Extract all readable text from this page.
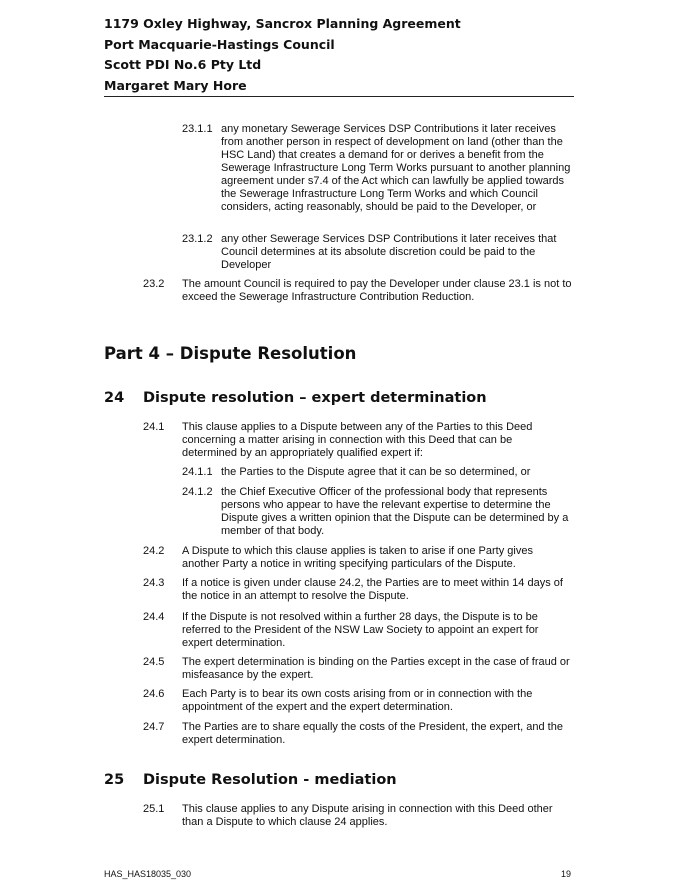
1179 Oxley Highway, Sancrox Planning Agreement
Port Macquarie-Hastings Council
Scott PDI No.6 Pty Ltd
Margaret Mary Hore
23.1.1 any monetary Sewerage Services DSP Contributions it later receives from another person in respect of development on land (other than the HSC Land) that creates a demand for or derives a benefit from the Sewerage Infrastructure Long Term Works pursuant to another planning agreement under s7.4 of the Act which can lawfully be applied towards the Sewerage Infrastructure Long Term Works and which Council considers, acting reasonably, should be paid to the Developer, or
23.1.2 any other Sewerage Services DSP Contributions it later receives that Council determines at its absolute discretion could be paid to the Developer
23.2 The amount Council is required to pay the Developer under clause 23.1 is not to exceed the Sewerage Infrastructure Contribution Reduction.
Part 4 – Dispute Resolution
24 Dispute resolution – expert determination
24.1 This clause applies to a Dispute between any of the Parties to this Deed concerning a matter arising in connection with this Deed that can be determined by an appropriately qualified expert if:
24.1.1 the Parties to the Dispute agree that it can be so determined, or
24.1.2 the Chief Executive Officer of the professional body that represents persons who appear to have the relevant expertise to determine the Dispute gives a written opinion that the Dispute can be determined by a member of that body.
24.2 A Dispute to which this clause applies is taken to arise if one Party gives another Party a notice in writing specifying particulars of the Dispute.
24.3 If a notice is given under clause 24.2, the Parties are to meet within 14 days of the notice in an attempt to resolve the Dispute.
24.4 If the Dispute is not resolved within a further 28 days, the Dispute is to be referred to the President of the NSW Law Society to appoint an expert for expert determination.
24.5 The expert determination is binding on the Parties except in the case of fraud or misfeasance by the expert.
24.6 Each Party is to bear its own costs arising from or in connection with the appointment of the expert and the expert determination.
24.7 The Parties are to share equally the costs of the President, the expert, and the expert determination.
25 Dispute Resolution - mediation
25.1 This clause applies to any Dispute arising in connection with this Deed other than a Dispute to which clause 24 applies.
HAS_HAS18035_030	19
